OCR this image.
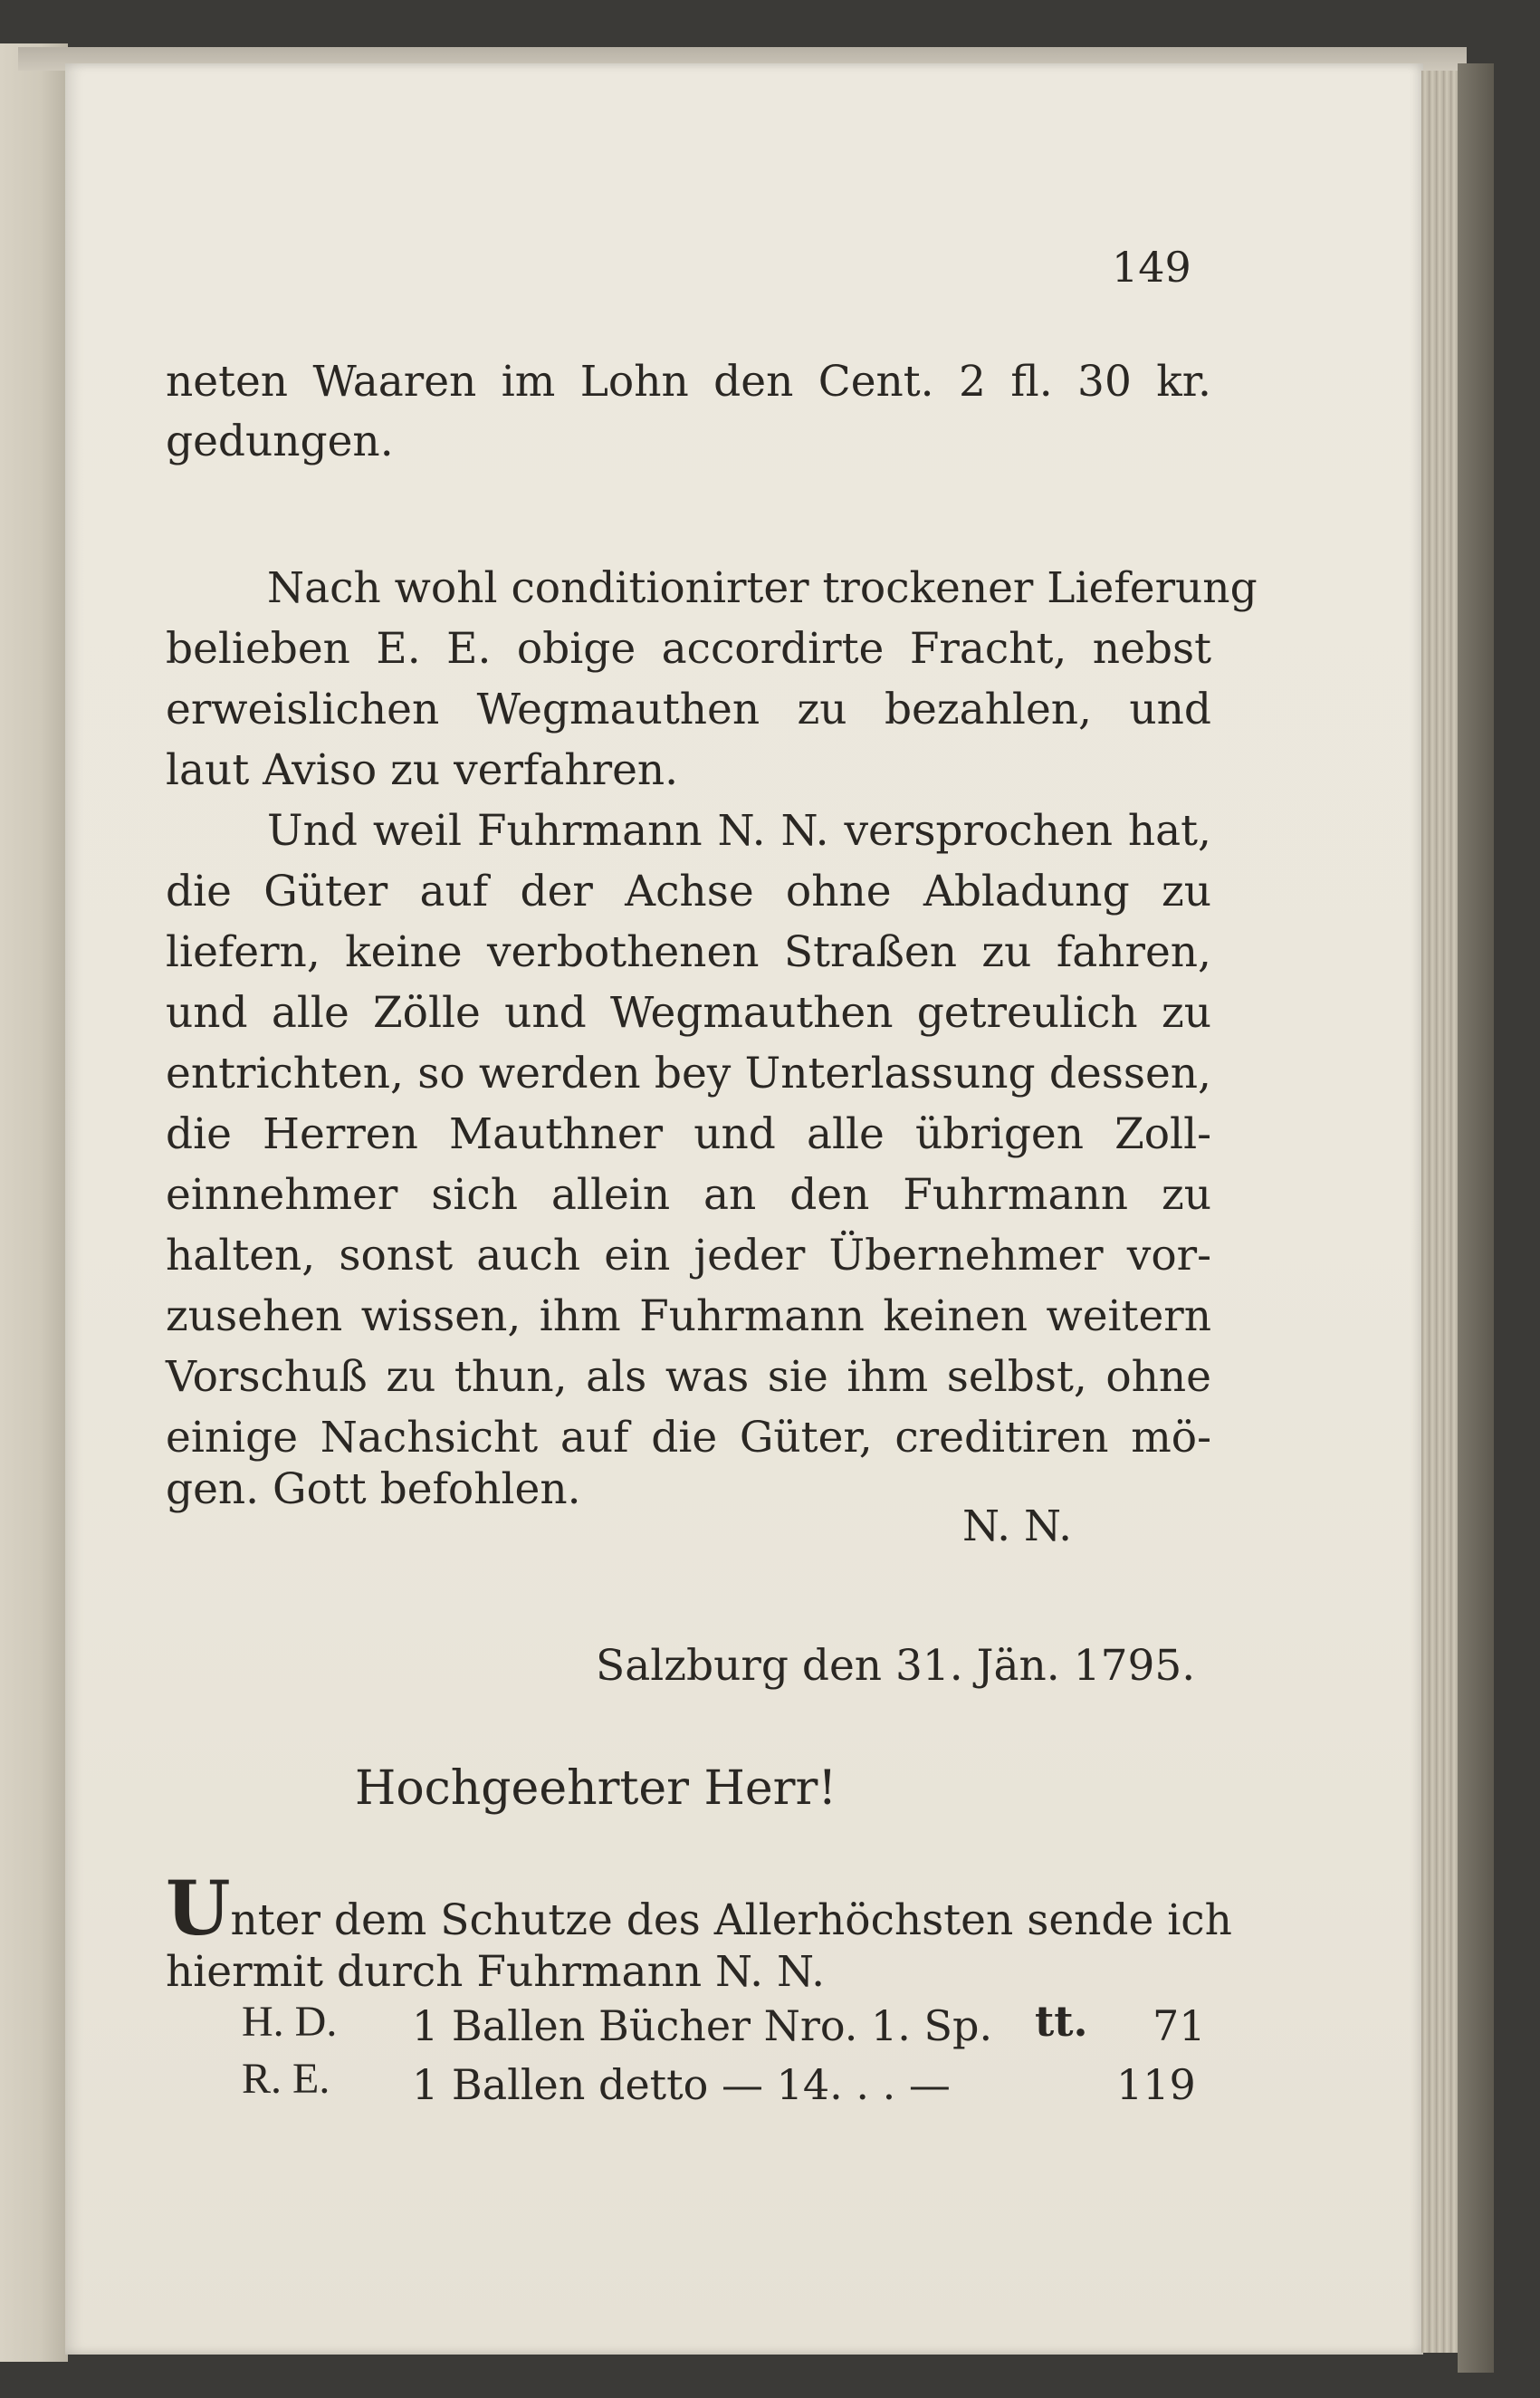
149
neten Waaren im Lohn den Cent. 2 fl. 30 kr.
gedungen.
Nach wohl conditionirter trockener Lieferung
belieben E. E. obige accordirte Fracht, nebst
erweislichen Wegmauthen zu bezahlen, und
laut Aviso zu verfahren.
Und weil Fuhrmann N. N. versprochen hat,
die Güter auf der Achse ohne Abladung zu
liefern, keine verbothenen Straßen zu fahren,
und alle Zölle und Wegmauthen getreulich zu
entrichten, so werden bey Unterlassung dessen,
die Herren Mauthner und alle übrigen Zoll-
einnehmer sich allein an den Fuhrmann zu
halten, sonst auch ein jeder Übernehmer vor-
zusehen wissen, ihm Fuhrmann keinen weitern
Vorschuß zu thun, als was sie ihm selbst, ohne
einige Nachsicht auf die Güter, creditiren mö-
gen. Gott befohlen.
N. N.
Salzburg den 31. Jän. 1795.
Hochgeehrter Herr!
Unter dem Schutze des Allerhöchsten sende ich
hiermit durch Fuhrmann N. N.
H. D. 1 Ballen Bücher Nro. 1. Sp. tt. 71
R. E. 1 Ballen detto — 14. . . —	119
